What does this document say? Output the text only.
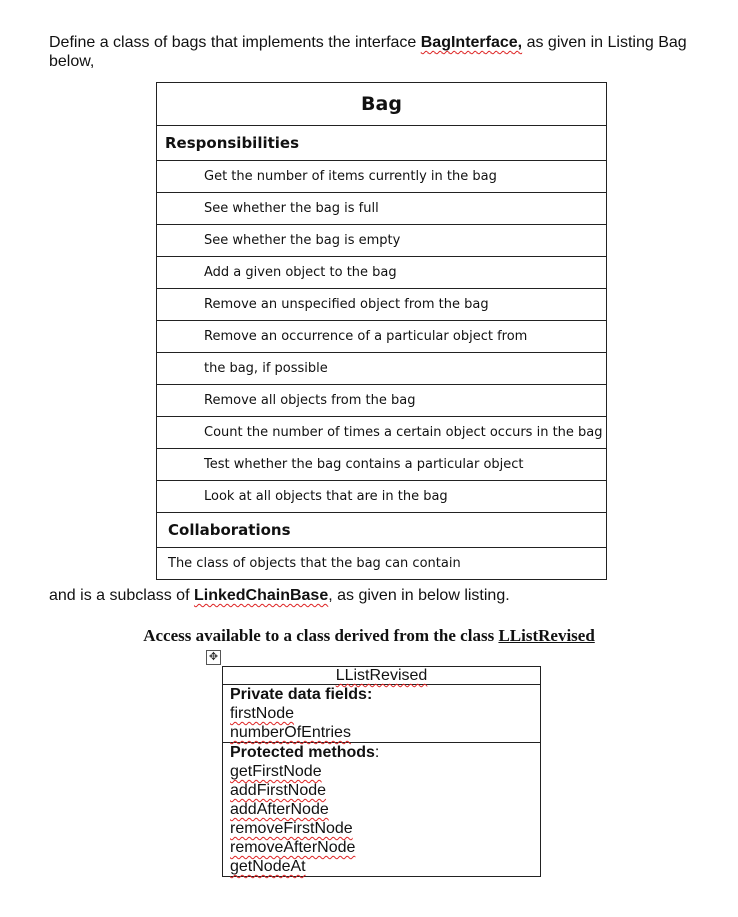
Define a class of bags that implements the interface BagInterface, as given in Listing Bag below,
Bag
Responsibilities
Get the number of items currently in the bag
See whether the bag is full
See whether the bag is empty
Add a given object to the bag
Remove an unspecified object from the bag
Remove an occurrence of a particular object from
the bag, if possible
Remove all objects from the bag
Count the number of times a certain object occurs in the bag
Test whether the bag contains a particular object
Look at all objects that are in the bag
Collaborations
The class of objects that the bag can contain
and is a subclass of LinkedChainBase, as given in below listing.
Access available to a class derived from the class LListRevised
✥
LListRevised

Private data fields:
firstNode
numberOfEntries

Protected methods:
getFirstNode
addFirstNode
addAfterNode
removeFirstNode
removeAfterNode
getNodeAt
